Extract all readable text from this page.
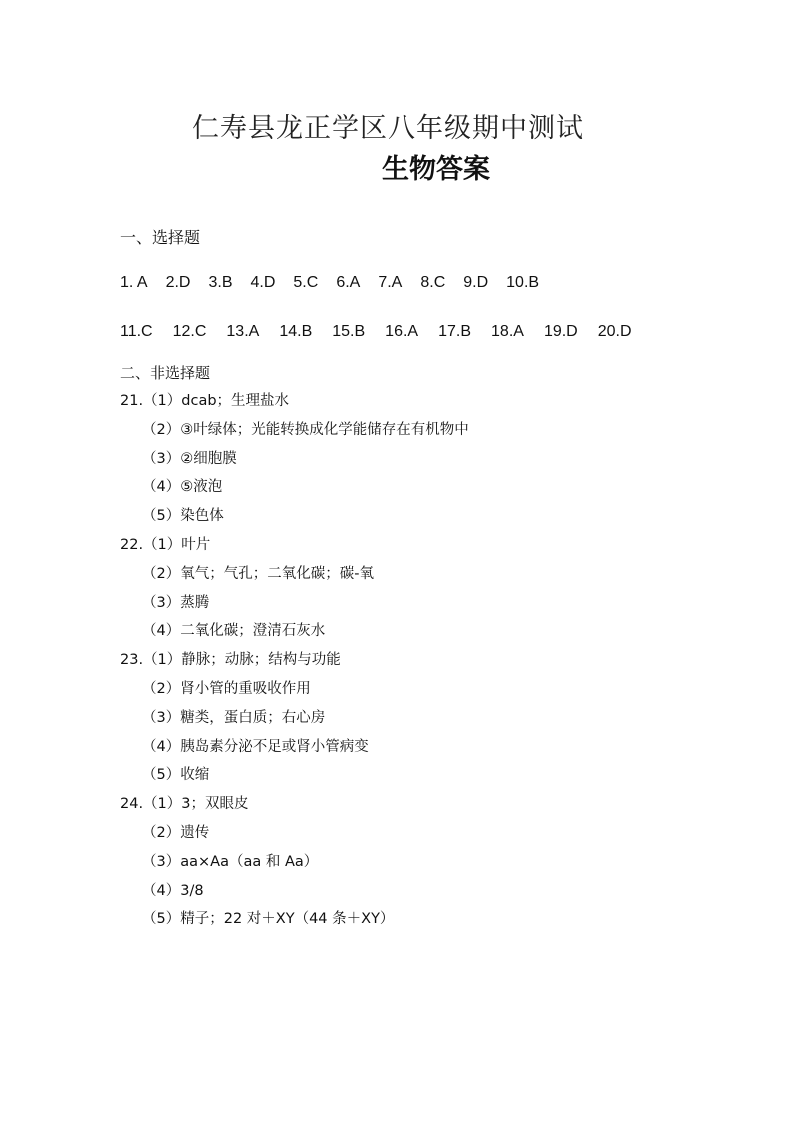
仁寿县龙正学区八年级期中测试
生物答案
一、选择题
1. A 2.D 3.B 4.D 5.C 6.A 7.A 8.C 9.D 10.B
11.C 12.C 13.A 14.B 15.B 16.A 17.B 18.A 19.D 20.D
二、非选择题
21.（1）dcab；生理盐水
（2）③叶绿体；光能转换成化学能储存在有机物中
（3）②细胞膜
（4）⑤液泡
（5）染色体
22.（1）叶片
（2）氧气；气孔；二氧化碳；碳-氧
（3）蒸腾
（4）二氧化碳；澄清石灰水
23.（1）静脉；动脉；结构与功能
（2）肾小管的重吸收作用
（3）糖类，蛋白质；右心房
（4）胰岛素分泌不足或肾小管病变
（5）收缩
24.（1）3；双眼皮
（2）遗传
（3）aa×Aa（aa 和 Aa）
（4）3/8
（5）精子；22 对＋XY（44 条＋XY）
